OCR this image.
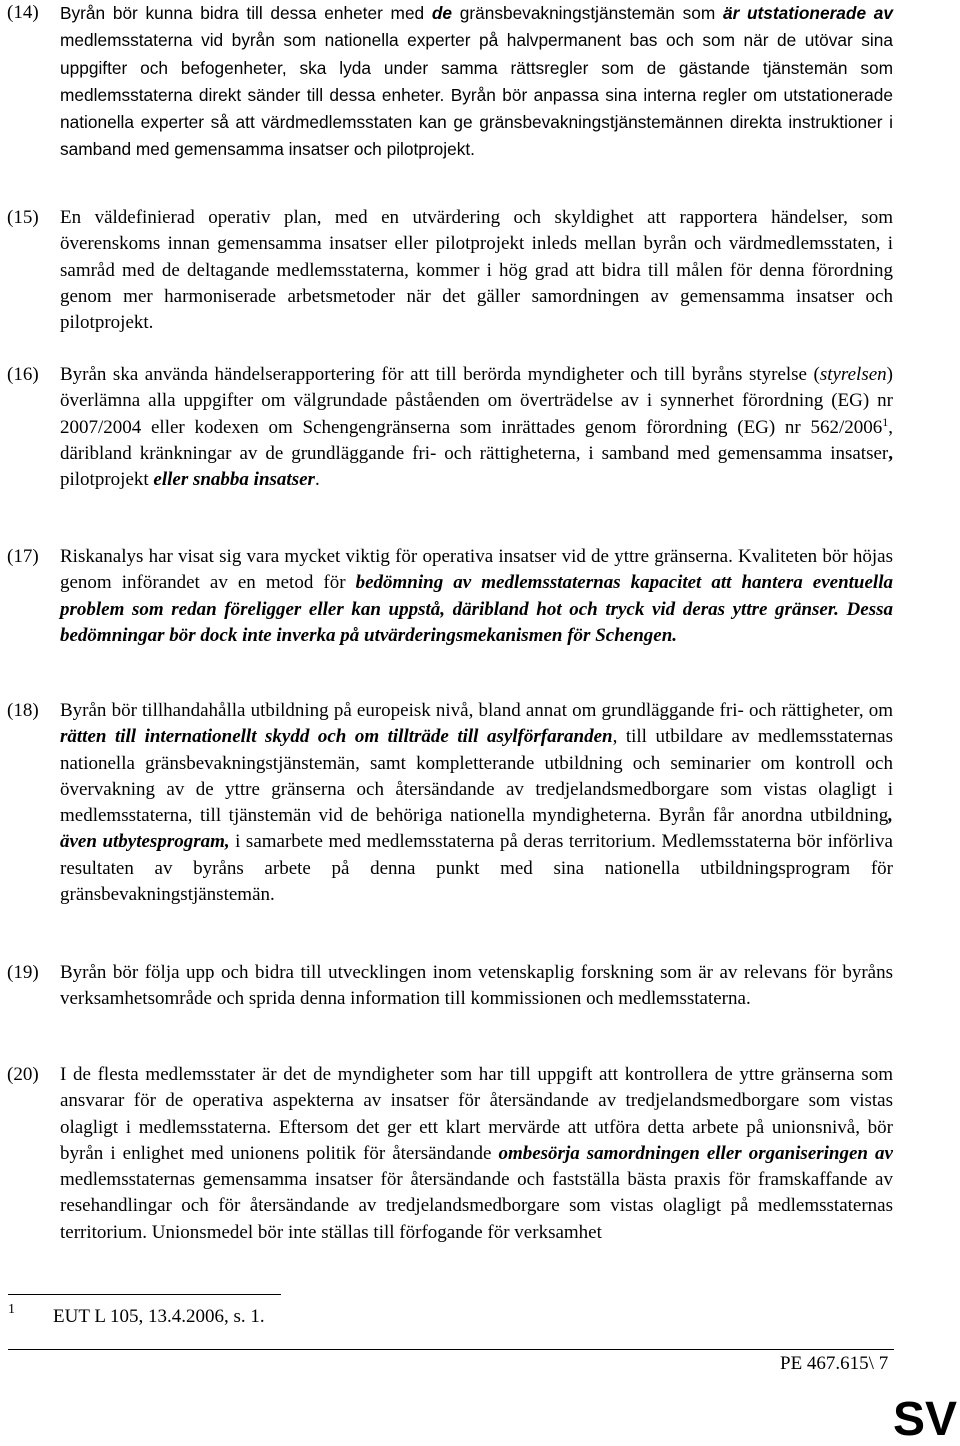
(14) Byrån bör kunna bidra till dessa enheter med de gränsbevakningstjänstemän som är utstationerade av medlemsstaterna vid byrån som nationella experter på halvpermanent bas och som när de utövar sina uppgifter och befogenheter, ska lyda under samma rättsregler som de gästande tjänstemän som medlemsstaterna direkt sänder till dessa enheter. Byrån bör anpassa sina interna regler om utstationerade nationella experter så att värdmedlemsstaten kan ge gränsbevakningstjänstemännen direkta instruktioner i samband med gemensamma insatser och pilotprojekt.
(15) En väldefinierad operativ plan, med en utvärdering och skyldighet att rapportera händelser, som överenskoms innan gemensamma insatser eller pilotprojekt inleds mellan byrån och värdmedlemsstaten, i samråd med de deltagande medlemsstaterna, kommer i hög grad att bidra till målen för denna förordning genom mer harmoniserade arbetsmetoder när det gäller samordningen av gemensamma insatser och pilotprojekt.
(16) Byrån ska använda händelserapportering för att till berörda myndigheter och till byråns styrelse (styrelsen) överlämna alla uppgifter om välgrundade påståenden om överträdelse av i synnerhet förordning (EG) nr 2007/2004 eller kodexen om Schengengränserna som inrättades genom förordning (EG) nr 562/2006$^1$, däribland kränkningar av de grundläggande fri- och rättigheterna, i samband med gemensamma insatser, pilotprojekt eller snabba insatser.
(17) Riskanalys har visat sig vara mycket viktig för operativa insatser vid de yttre gränserna. Kvaliteten bör höjas genom införandet av en metod för bedömning av medlemsstaternas kapacitet att hantera eventuella problem som redan föreligger eller kan uppstå, däribland hot och tryck vid deras yttre gränser. Dessa bedömningar bör dock inte inverka på utvärderingsmekanismen för Schengen.
(18) Byrån bör tillhandahålla utbildning på europeisk nivå, bland annat om grundläggande fri- och rättigheter, om rätten till internationellt skydd och om tillträde till asylförfaranden, till utbildare av medlemsstaternas nationella gränsbevakningstjänstemän, samt kompletterande utbildning och seminarier om kontroll och övervakning av de yttre gränserna och återsändande av tredjelandsmedborgare som vistas olagligt i medlemsstaterna, till tjänstemän vid de behöriga nationella myndigheterna. Byrån får anordna utbildning, även utbytesprogram, i samarbete med medlemsstaterna på deras territorium. Medlemsstaterna bör införliva resultaten av byråns arbete på denna punkt med sina nationella utbildningsprogram för gränsbevakningstjänstemän.
(19) Byrån bör följa upp och bidra till utvecklingen inom vetenskaplig forskning som är av relevans för byråns verksamhetsområde och sprida denna information till kommissionen och medlemsstaterna.
(20) I de flesta medlemsstater är det de myndigheter som har till uppgift att kontrollera de yttre gränserna som ansvarar för de operativa aspekterna av insatser för återsändande av tredjelandsmedborgare som vistas olagligt i medlemsstaterna. Eftersom det ger ett klart mervärde att utföra detta arbete på unionsnivå, bör byrån i enlighet med unionens politik för återsändande ombesörja samordningen eller organiseringen av medlemsstaternas gemensamma insatser för återsändande och fastställa bästa praxis för framskaffande av resehandlingar och för återsändande av tredjelandsmedborgare som vistas olagligt på medlemsstaternas territorium. Unionsmedel bör inte ställas till förfogande för verksamhet
1 EUT L 105, 13.4.2006, s. 1.
PE 467.615\ 7
SV
